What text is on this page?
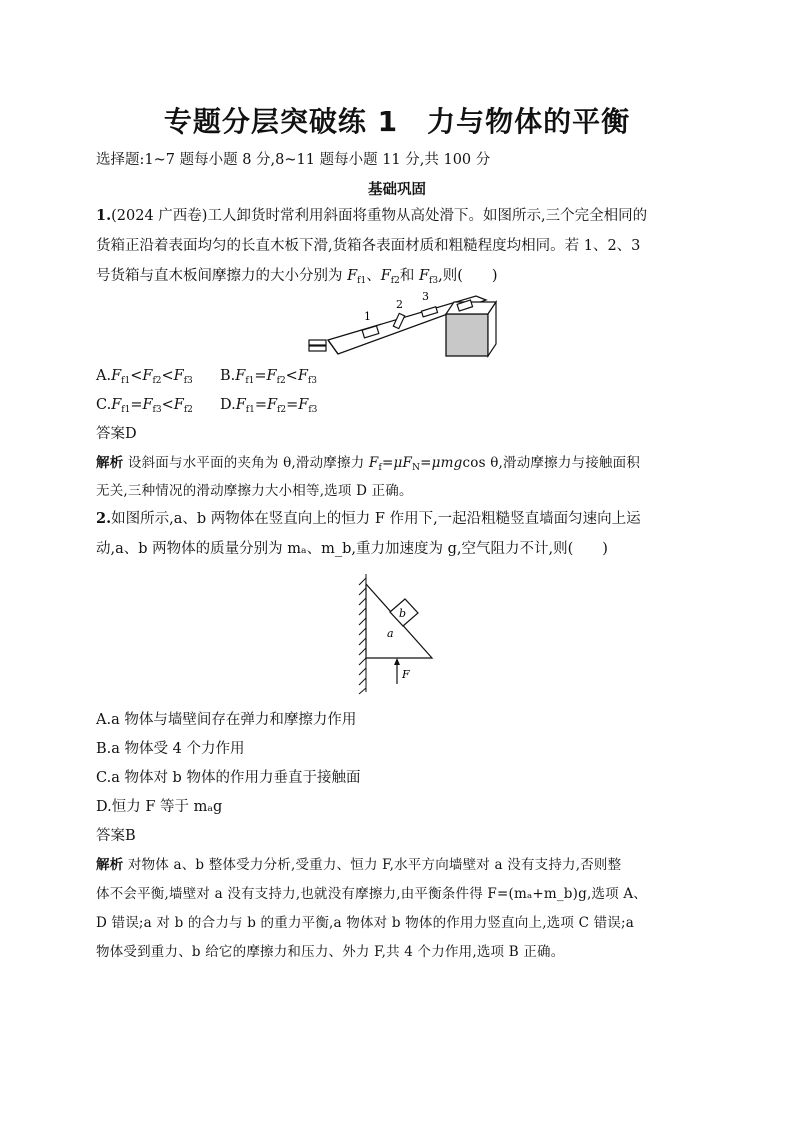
专题分层突破练 1　力与物体的平衡
选择题:1~7 题每小题 8 分,8~11 题每小题 11 分,共 100 分
基础巩固
1.(2024 广西卷)工人卸货时常利用斜面将重物从高处滑下。如图所示,三个完全相同的
货箱正沿着表面均匀的长直木板下滑,货箱各表面材质和粗糙程度均相同。若 1、2、3
号货箱与直木板间摩擦力的大小分别为 $F_{f1}$、$F_{f2}$和 $F_{f3}$,则(　　)
1
2
3
$A.F_{f1}<F_{f2}<F_{f3}$ $B.F_{f1}=F_{f2}<F_{f3}$
$C.F_{f1}=F_{f3}<F_{f2}$ $D.F_{f1}=F_{f2}=F_{f3}$
答案D
解析 设斜面与水平面的夹角为 θ,滑动摩擦力 $F_f=\mu F_N=\mu mgcos$ θ,滑动摩擦力与接触面积
无关,三种情况的滑动摩擦力大小相等,选项 D 正确。
2.如图所示,a、b 两物体在竖直向上的恒力 F 作用下,一起沿粗糙竖直墙面匀速向上运
动,a、b 两物体的质量分别为 mₐ、m_b,重力加速度为 g,空气阻力不计,则(　　)
b
a
F
A.a 物体与墙壁间存在弹力和摩擦力作用
B.a 物体受 4 个力作用
C.a 物体对 b 物体的作用力垂直于接触面
D.恒力 F 等于 mₐg
答案B
解析 对物体 a、b 整体受力分析,受重力、恒力 F,水平方向墙壁对 a 没有支持力,否则整
体不会平衡,墙壁对 a 没有支持力,也就没有摩擦力,由平衡条件得 F=(mₐ+m_b)g,选项 A、
D 错误;a 对 b 的合力与 b 的重力平衡,a 物体对 b 物体的作用力竖直向上,选项 C 错误;a
物体受到重力、b 给它的摩擦力和压力、外力 F,共 4 个力作用,选项 B 正确。
